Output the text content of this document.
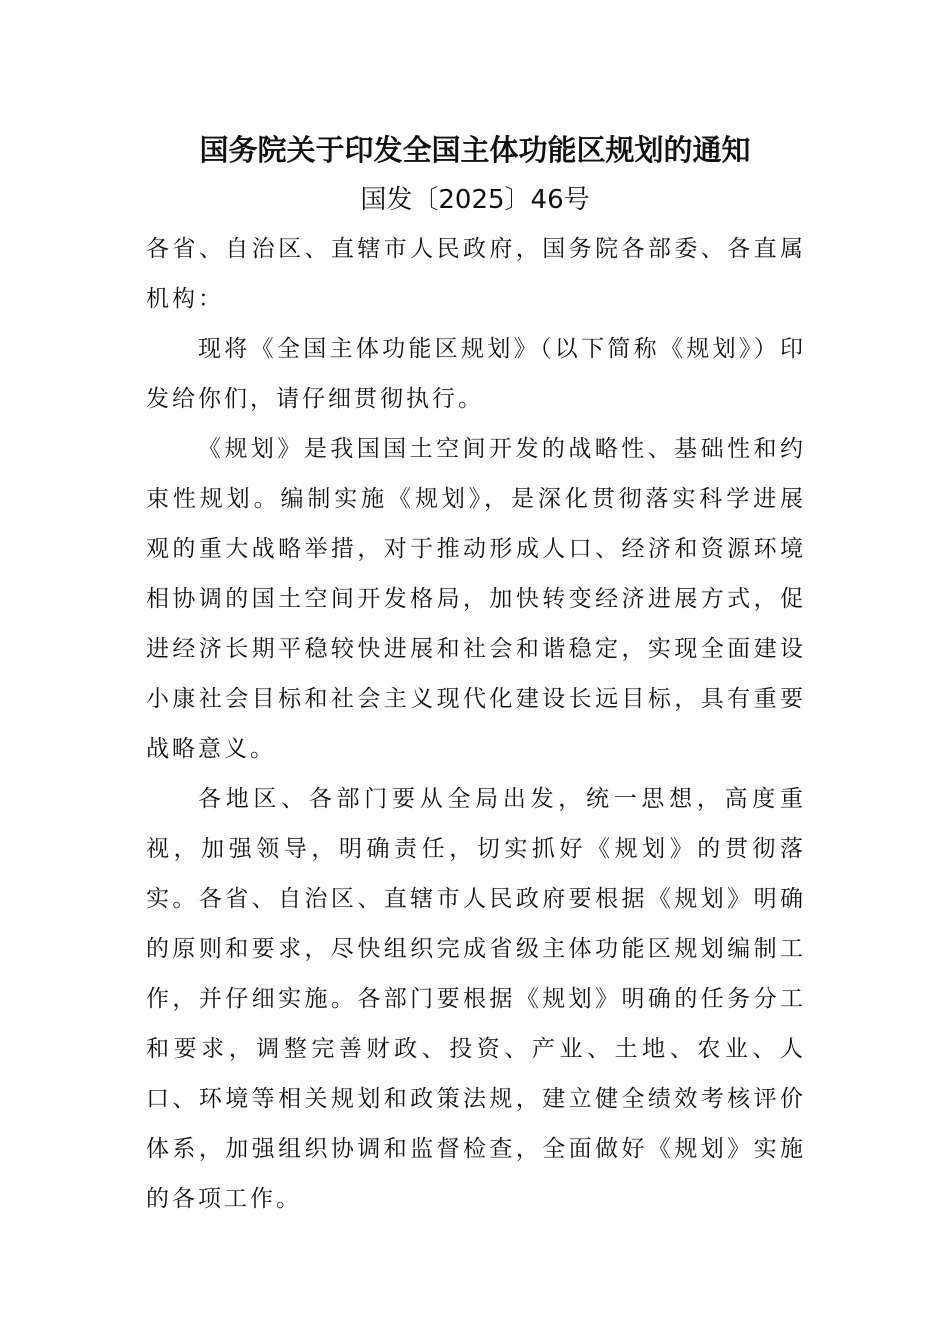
国务院关于印发全国主体功能区规划的通知
国发〔2025〕46号

各省、自治区、直辖市人民政府，国务院各部委、各直属机构：

现将《全国主体功能区规划》（以下简称《规划》）印发给你们，请仔细贯彻执行。

《规划》是我国国土空间开发的战略性、基础性和约束性规划。编制实施《规划》，是深化贯彻落实科学进展观的重大战略举措，对于推动形成人口、经济和资源环境相协调的国土空间开发格局，加快转变经济进展方式，促进经济长期平稳较快进展和社会和谐稳定，实现全面建设小康社会目标和社会主义现代化建设长远目标，具有重要战略意义。

各地区、各部门要从全局出发，统一思想，高度重视，加强领导，明确责任，切实抓好《规划》的贯彻落实。各省、自治区、直辖市人民政府要根据《规划》明确的原则和要求，尽快组织完成省级主体功能区规划编制工作，并仔细实施。各部门要根据《规划》明确的任务分工和要求，调整完善财政、投资、产业、土地、农业、人口、环境等相关规划和政策法规，建立健全绩效考核评价体系，加强组织协调和监督检查，全面做好《规划》实施的各项工作。
